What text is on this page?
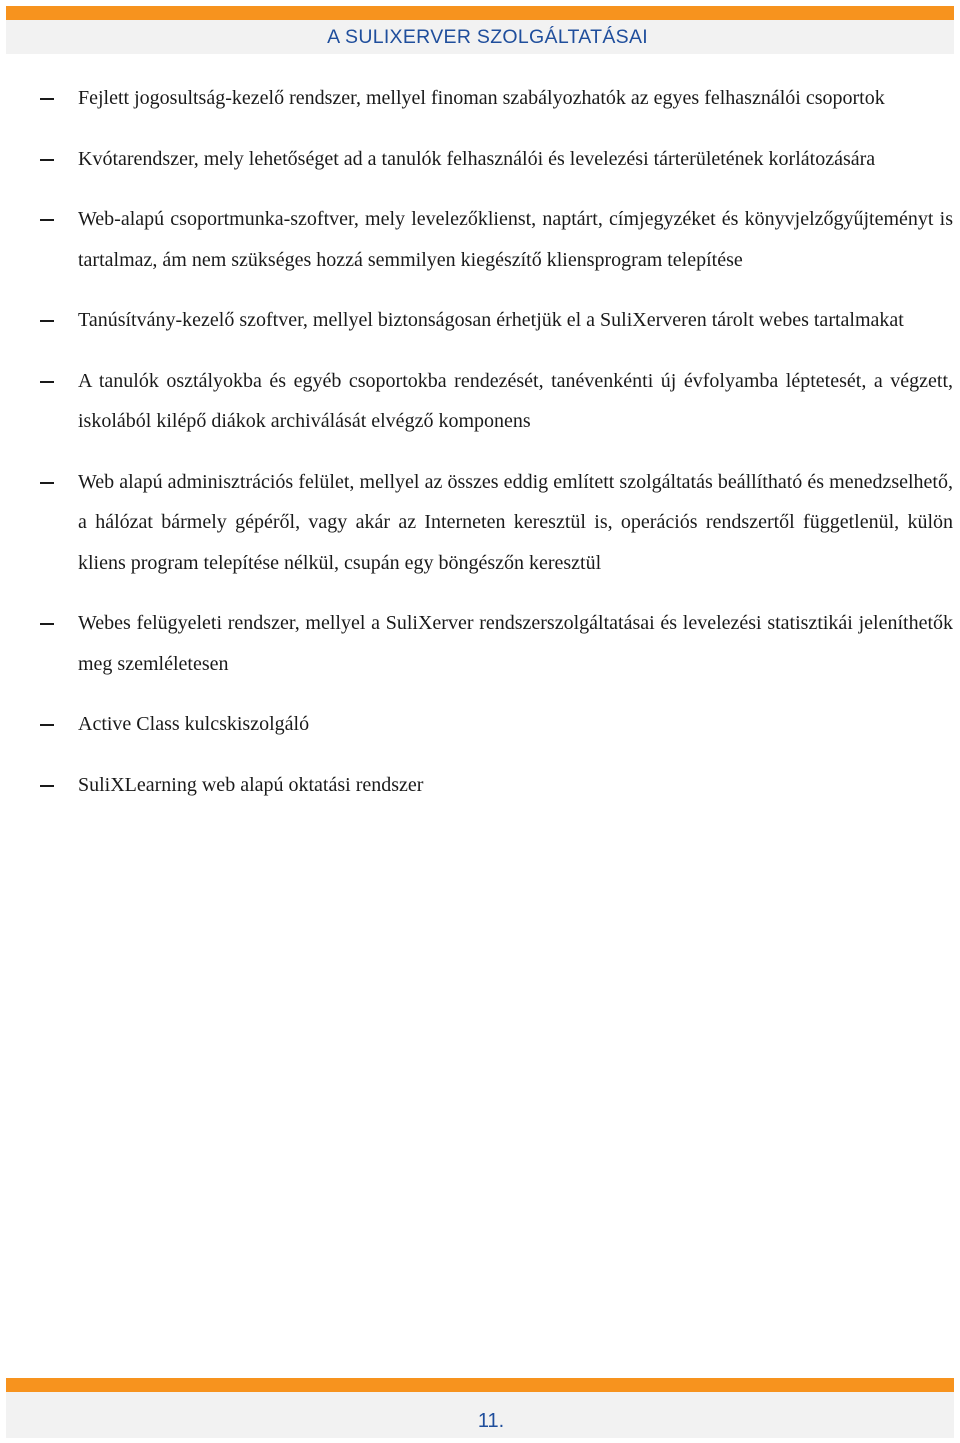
A SULIXERVER SZOLGÁLTATÁSAI
Fejlett jogosultság-kezelő rendszer, mellyel finoman szabályozhatók az egyes felhasználói csoportok
Kvótarendszer, mely lehetőséget ad a tanulók felhasználói és levelezési tárterületének korlátozására
Web-alapú csoportmunka-szoftver, mely levelezőklienst, naptárt, címjegyzéket és könyvjelzőgyűjteményt is tartalmaz, ám nem szükséges hozzá semmilyen kiegészítő kliensprogram telepítése
Tanúsítvány-kezelő szoftver, mellyel biztonságosan érhetjük el a SuliXerveren tárolt webes tartalmakat
A tanulók osztályokba és egyéb csoportokba rendezését, tanévenkénti új évfolyamba léptetesét, a végzett, iskolából kilépő diákok archiválását elvégző komponens
Web alapú adminisztrációs felület, mellyel az összes eddig említett szolgáltatás beállítható és menedzselhető, a hálózat bármely gépéről, vagy akár az Interneten keresztül is, operációs rendszertől függetlenül, külön kliens program telepítése nélkül, csupán egy böngészőn keresztül
Webes felügyeleti rendszer, mellyel a SuliXerver rendszerszolgáltatásai és levelezési statisztikái jeleníthetők meg szemléletesen
Active Class kulcskiszolgáló
SuliXLearning web alapú oktatási rendszer
11.
